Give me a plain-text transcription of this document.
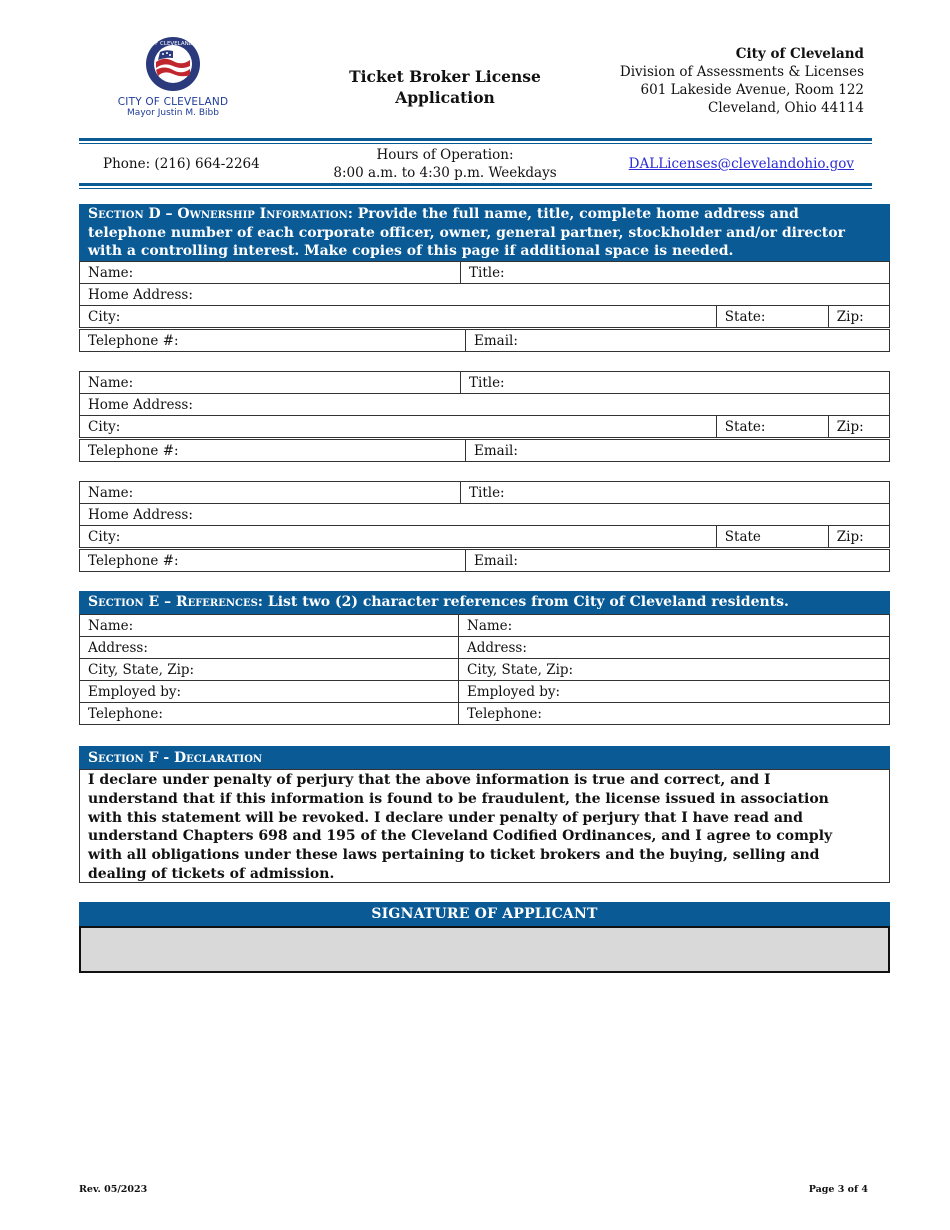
CITY OF CLEVELAND OHIO
CITY OF CLEVELAND
Mayor Justin M. Bibb
Ticket Broker License
Application
City of Cleveland
Division of Assessments & Licenses
601 Lakeside Avenue, Room 122
Cleveland, Ohio 44114
Phone: (216) 664-2264
Hours of Operation:
8:00 a.m. to 4:30 p.m. Weekdays
DALLicenses@clevelandohio.gov
Section D – Ownership Information: Provide the full name, title, complete home address and telephone number of each corporate officer, owner, general partner, stockholder and/or director with a controlling interest. Make copies of this page if additional space is needed.
Name:	Title:		
Home Address:			
City:		State:	Zip:
Telephone #:	Email:
Name:	Title:		
Home Address:			
City:		State:	Zip:
Telephone #:	Email:
Name:	Title:		
Home Address:			
City:		State	Zip:
Telephone #:	Email:
Section E – References: List two (2) character references from City of Cleveland residents.
Name:	Name:
Address:	Address:
City, State, Zip:	City, State, Zip:
Employed by:	Employed by:
Telephone:	Telephone:
Section F - Declaration
I declare under penalty of perjury that the above information is true and correct, and I
understand that if this information is found to be fraudulent, the license issued in association
with this statement will be revoked. I declare under penalty of perjury that I have read and
understand Chapters 698 and 195 of the Cleveland Codified Ordinances, and I agree to comply
with all obligations under these laws pertaining to ticket brokers and the buying, selling and
dealing of tickets of admission.
SIGNATURE OF APPLICANT
Rev. 05/2023	Page 3 of 4
